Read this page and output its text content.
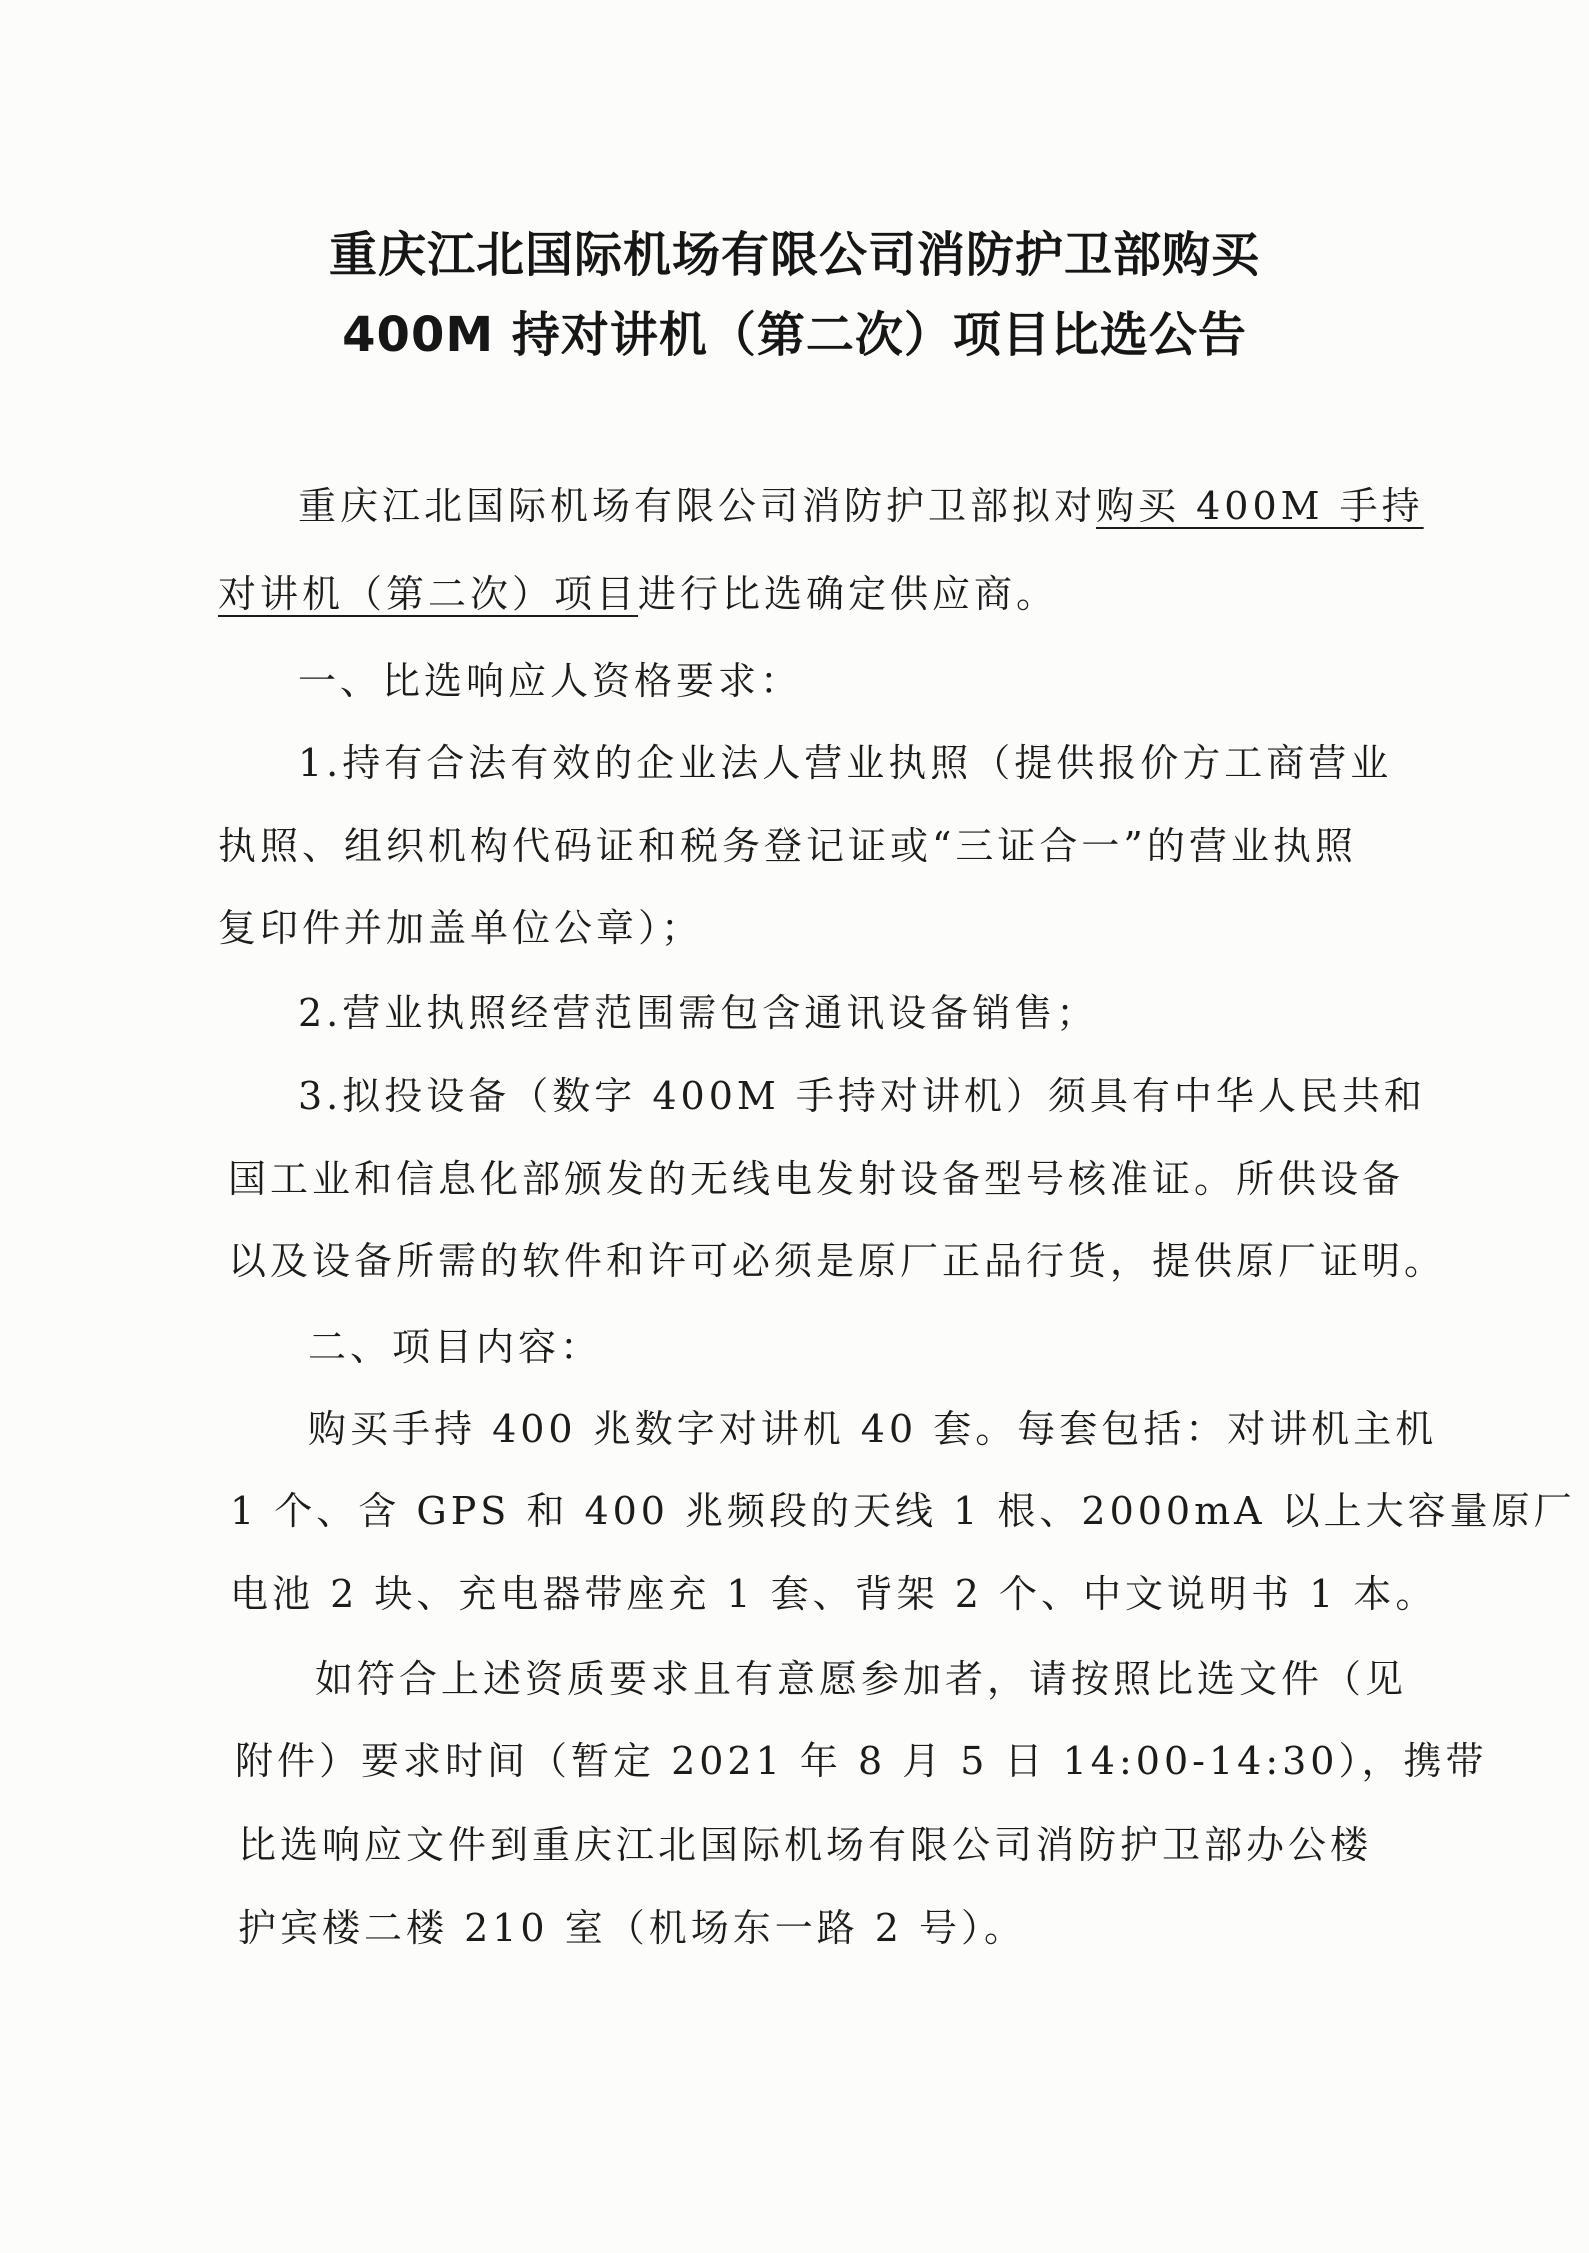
重庆江北国际机场有限公司消防护卫部购买
400M 持对讲机（第二次）项目比选公告
重庆江北国际机场有限公司消防护卫部拟对购买 400M 手持
对讲机（第二次）项目进行比选确定供应商。
一、比选响应人资格要求：
1.持有合法有效的企业法人营业执照（提供报价方工商营业
执照、组织机构代码证和税务登记证或“三证合一”的营业执照
复印件并加盖单位公章）；
2.营业执照经营范围需包含通讯设备销售；
3.拟投设备（数字 400M 手持对讲机）须具有中华人民共和
国工业和信息化部颁发的无线电发射设备型号核准证。所供设备
以及设备所需的软件和许可必须是原厂正品行货，提供原厂证明。
二、项目内容：
购买手持 400 兆数字对讲机 40 套。每套包括：对讲机主机
1 个、含 GPS 和 400 兆频段的天线 1 根、2000mA 以上大容量原厂
电池 2 块、充电器带座充 1 套、背架 2 个、中文说明书 1 本。
如符合上述资质要求且有意愿参加者，请按照比选文件（见
附件）要求时间（暂定 2021 年 8 月 5 日 14:00-14:30），携带
比选响应文件到重庆江北国际机场有限公司消防护卫部办公楼
护宾楼二楼 210 室（机场东一路 2 号）。
